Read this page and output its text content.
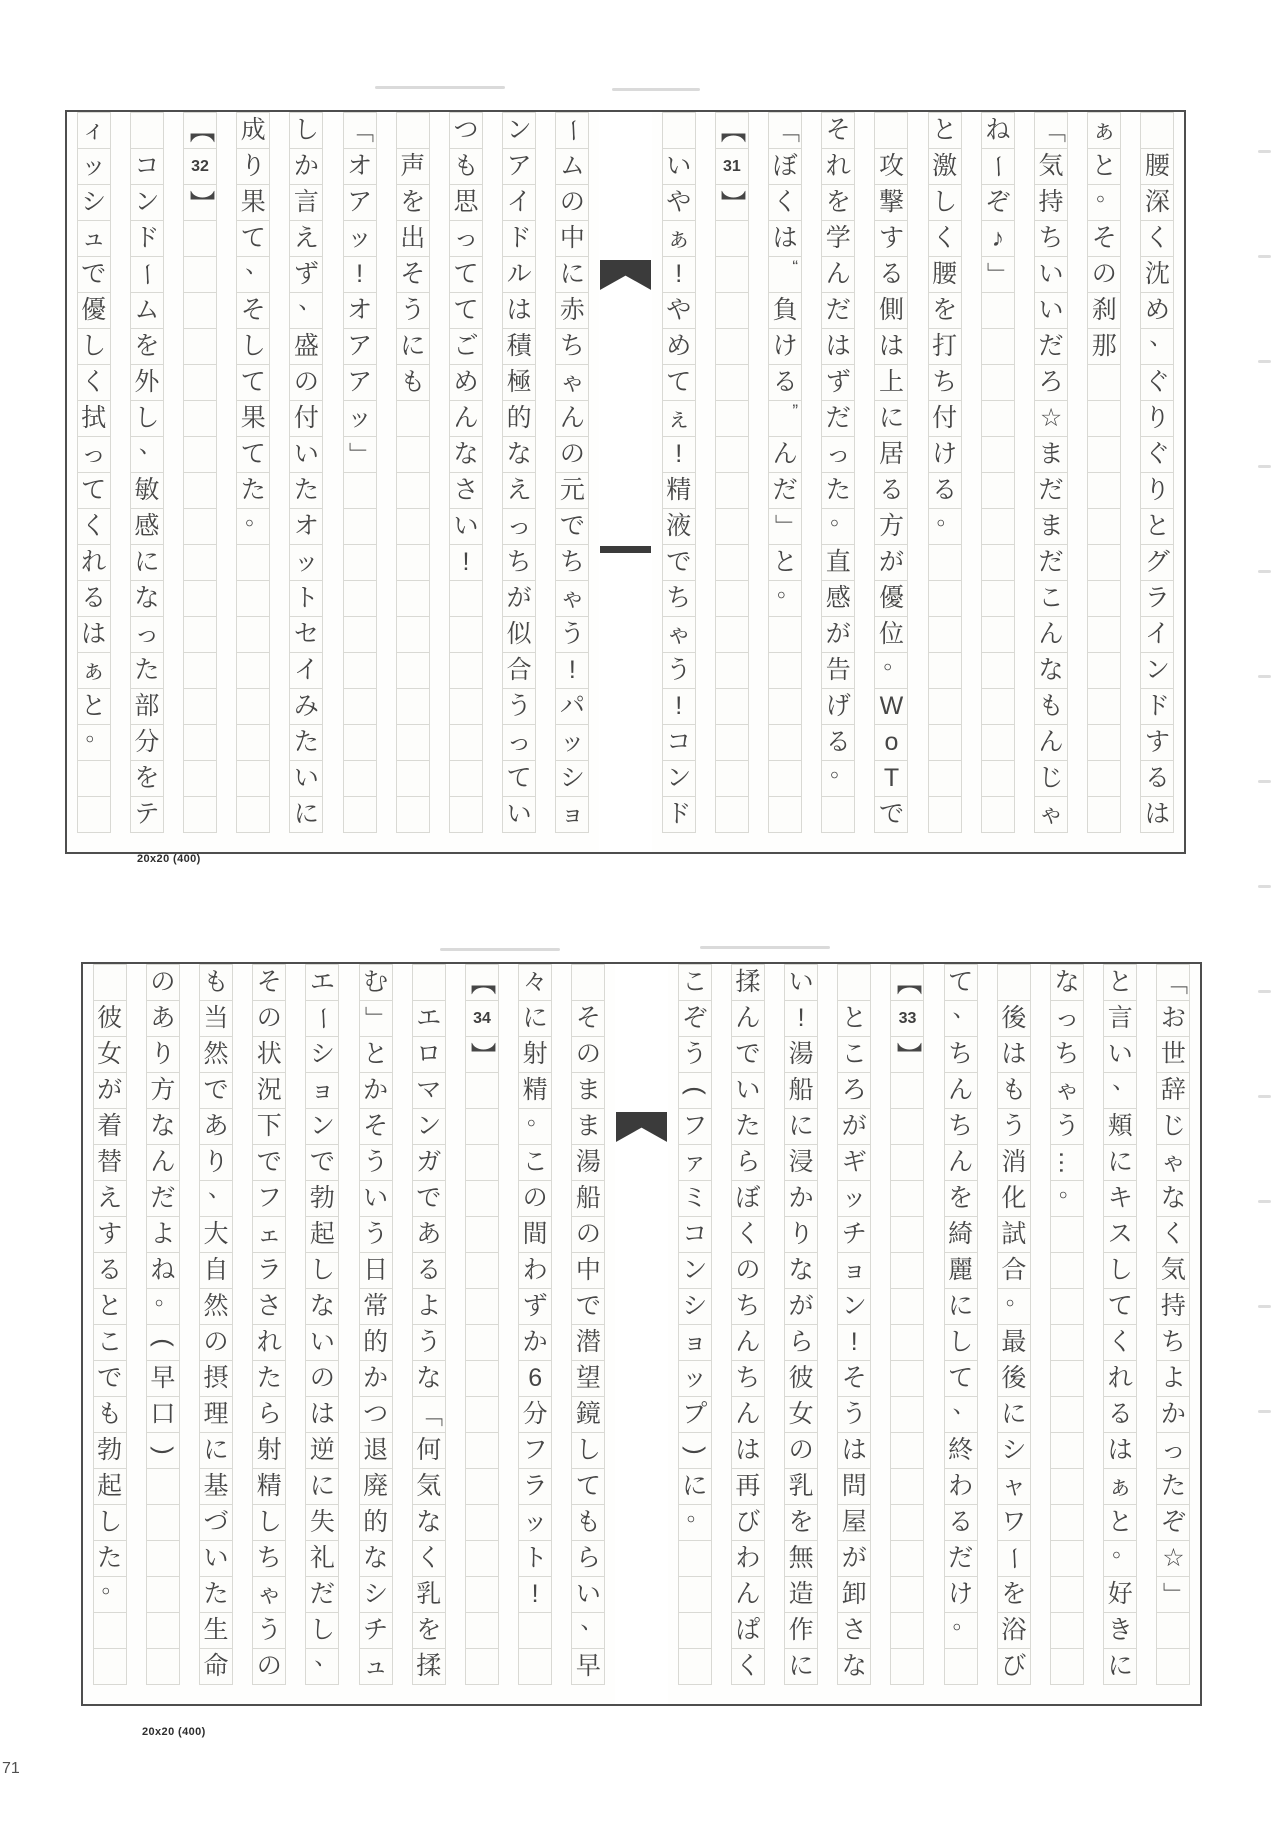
腰
深
く
沈
め
、
ぐ
り
ぐ
り
と
グ
ラ
イ
ン
ド
す
る
は
ぁ
と
。
そ
の
刹
那
「
気
持
ち
い
い
だ
ろ
☆
ま
だ
ま
だ
こ
ん
な
も
ん
じ
ゃ
ね
ー
ぞ
♪
」
と
激
し
く
腰
を
打
ち
付
け
る
。
攻
撃
す
る
側
は
上
に
居
る
方
が
優
位
。
W
o
T
で
そ
れ
を
学
ん
だ
は
ず
だ
っ
た
。
直
感
が
告
げ
る
。
「
ぼ
く
は
“
負
け
る
”
ん
だ
」
と
。
【
31
】
い
や
ぁ
!
や
め
て
ぇ
!
精
液
で
ち
ゃ
う
!
コ
ン
ド
ー
ム
の
中
に
赤
ち
ゃ
ん
の
元
で
ち
ゃ
う
!
パ
ッ
シ
ョ
ン
ア
イ
ド
ル
は
積
極
的
な
え
っ
ち
が
似
合
う
っ
て
い
つ
も
思
っ
て
て
ご
め
ん
な
さ
い
!
声
を
出
そ
う
に
も
「
オ
ア
ッ
!
オ
ア
ア
ッ
」
し
か
言
え
ず
、
盛
の
付
い
た
オ
ッ
ト
セ
イ
み
た
い
に
成
り
果
て
、
そ
し
て
果
て
た
。
【
32
】
コ
ン
ド
ー
ム
を
外
し
、
敏
感
に
な
っ
た
部
分
を
テ
ィ
ッ
シ
ュ
で
優
し
く
拭
っ
て
く
れ
る
は
ぁ
と
。
20x20 (400)
「
お
世
辞
じ
ゃ
な
く
気
持
ち
よ
か
っ
た
ぞ
☆
」
と
言
い
、
頬
に
キ
ス
し
て
く
れ
る
は
ぁ
と
。
好
き
に
な
っ
ち
ゃ
う
…
。
後
は
も
う
消
化
試
合
。
最
後
に
シ
ャ
ワ
ー
を
浴
び
て
、
ち
ん
ち
ん
を
綺
麗
に
し
て
、
終
わ
る
だ
け
。
【
33
】
と
こ
ろ
が
ギ
ッ
チ
ョ
ン
!
そ
う
は
問
屋
が
卸
さ
な
い
!
湯
船
に
浸
か
り
な
が
ら
彼
女
の
乳
を
無
造
作
に
揉
ん
で
い
た
ら
ぼ
く
の
ち
ん
ち
ん
は
再
び
わ
ん
ぱ
く
こ
ぞ
う
(
フ
ァ
ミ
コ
ン
シ
ョ
ッ
プ
)
に
。
そ
の
ま
ま
湯
船
の
中
で
潜
望
鏡
し
て
も
ら
い
、
早
々
に
射
精
。
こ
の
間
わ
ず
か
6
分
フ
ラ
ッ
ト
!
【
34
】
エ
ロ
マ
ン
ガ
で
あ
る
よ
う
な
「
何
気
な
く
乳
を
揉
む
」
と
か
そ
う
い
う
日
常
的
か
つ
退
廃
的
な
シ
チ
ュ
エ
ー
シ
ョ
ン
で
勃
起
し
な
い
の
は
逆
に
失
礼
だ
し
、
そ
の
状
況
下
で
フ
ェ
ラ
さ
れ
た
ら
射
精
し
ち
ゃ
う
の
も
当
然
で
あ
り
、
大
自
然
の
摂
理
に
基
づ
い
た
生
命
の
あ
り
方
な
ん
だ
よ
ね
。
(
早
口
)
彼
女
が
着
替
え
す
る
と
こ
で
も
勃
起
し
た
。
20x20 (400)
71
